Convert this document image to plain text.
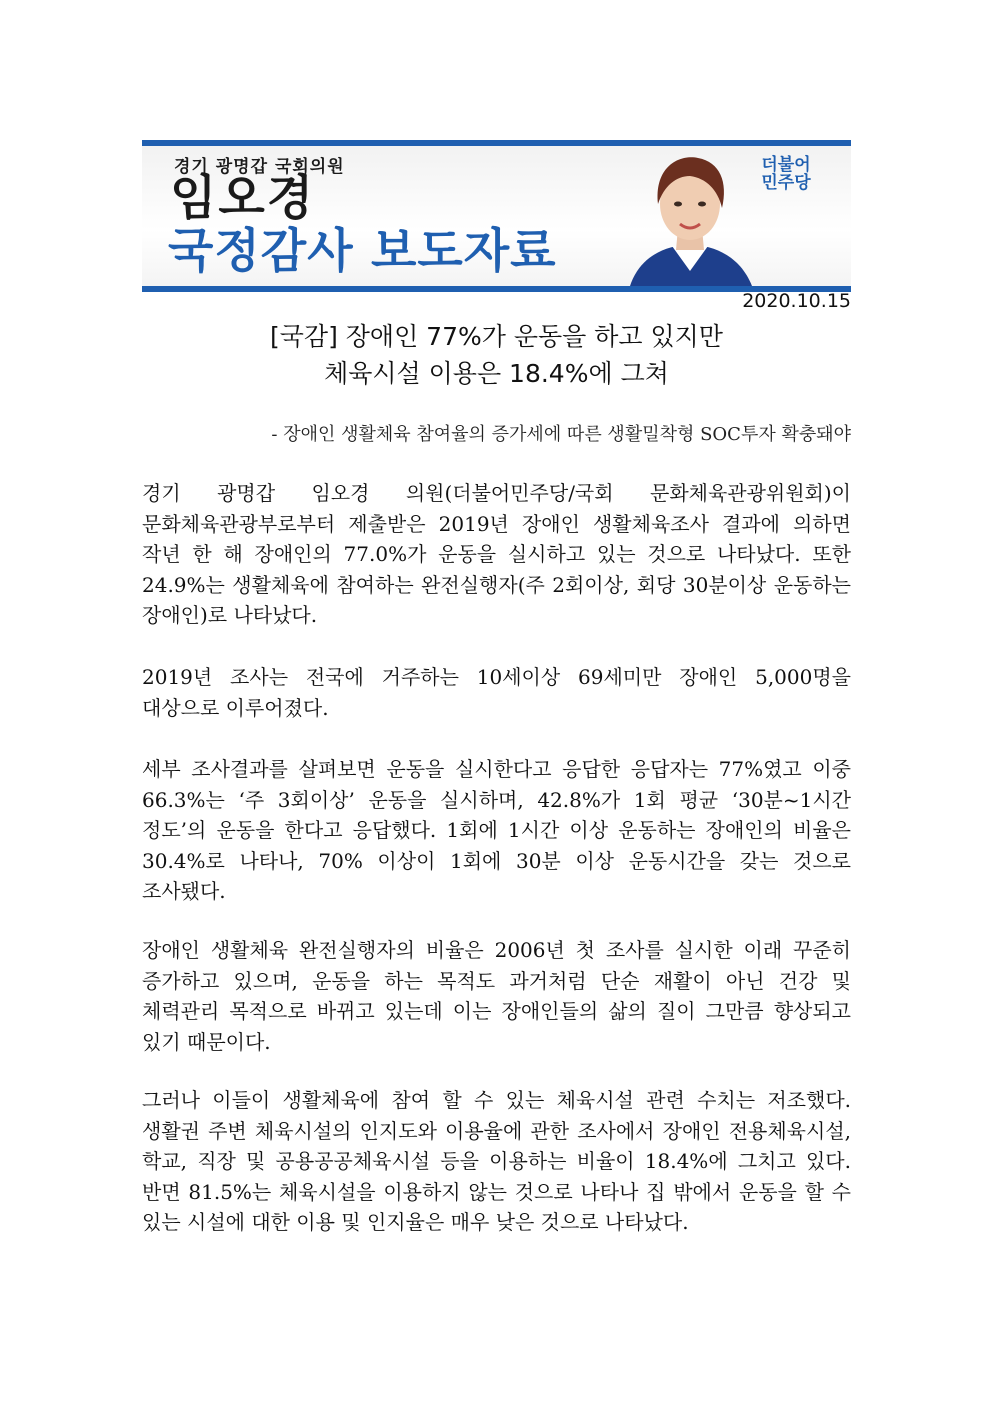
경기 광명갑 국회의원
임오경
국정감사 보도자료
더불어
민주당
2020.10.15
[국감] 장애인 77%가 운동을 하고 있지만
체육시설 이용은 18.4%에 그쳐
- 장애인 생활체육 참여율의 증가세에 따른 생활밀착형 SOC투자 확충돼야
경기 광명갑 임오경 의원(더불어민주당/국회 문화체육관광위원회)이 문화체육관광부로부터 제출받은 2019년 장애인 생활체육조사 결과에 의하면 작년 한 해 장애인의 77.0%가 운동을 실시하고 있는 것으로 나타났다. 또한 24.9%는 생활체육에 참여하는 완전실행자(주 2회이상, 회당 30분이상 운동하는 장애인)로 나타났다.
2019년 조사는 전국에 거주하는 10세이상 69세미만 장애인 5,000명을 대상으로 이루어졌다.
세부 조사결과를 살펴보면 운동을 실시한다고 응답한 응답자는 77%였고 이중 66.3%는 ‘주 3회이상’ 운동을 실시하며, 42.8%가 1회 평균 ‘30분~1시간 정도’의 운동을 한다고 응답했다. 1회에 1시간 이상 운동하는 장애인의 비율은 30.4%로 나타나, 70% 이상이 1회에 30분 이상 운동시간을 갖는 것으로 조사됐다.
장애인 생활체육 완전실행자의 비율은 2006년 첫 조사를 실시한 이래 꾸준히 증가하고 있으며, 운동을 하는 목적도 과거처럼 단순 재활이 아닌 건강 및 체력관리 목적으로 바뀌고 있는데 이는 장애인들의 삶의 질이 그만큼 향상되고 있기 때문이다.
그러나 이들이 생활체육에 참여 할 수 있는 체육시설 관련 수치는 저조했다. 생활권 주변 체육시설의 인지도와 이용율에 관한 조사에서 장애인 전용체육시설, 학교, 직장 및 공용공공체육시설 등을 이용하는 비율이 18.4%에 그치고 있다. 반면 81.5%는 체육시설을 이용하지 않는 것으로 나타나 집 밖에서 운동을 할 수 있는 시설에 대한 이용 및 인지율은 매우 낮은 것으로 나타났다.
